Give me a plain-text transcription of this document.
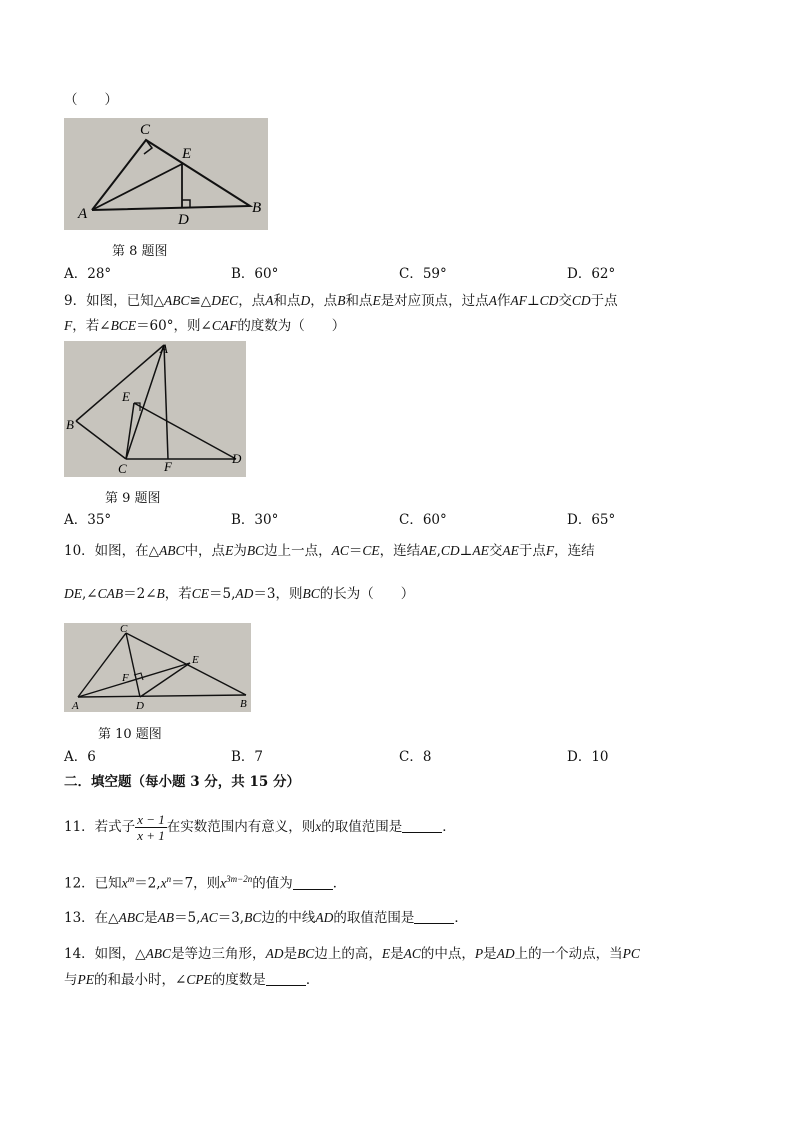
（　　）
C
E
A	D
B
第 8 题图
A．28°	B．60°	C．59°	D．62°
9．如图，已知△ABC≌△DEC，点A和点D，点B和点E是对应顶点，过点A作AF⊥CD交CD于点
F，若∠BCE＝60°，则∠CAF的度数为（　　）
A
E
B
C	F
D
第 9 题图
A．35°	B．30°	C．60°	D．65°
10．如图，在△ABC中，点E为BC边上一点，AC＝CE，连结AE,CD⊥AE交AE于点F，连结
DE,∠CAB＝2∠B，若CE＝5,AD＝3，则BC的长为（　　）
C
E
F
A	D	B
第 10 题图
A．6	B．7	C．8	D．10
二．填空题（每小题 3 分，共 15 分）
11．若式子 $\frac{x - 1}{x + 1}$ 在实数范围内有意义，则x的取值范围是	．
12．已知$x^m=2,x^n=7$，则$x^{3m-2n}$的值为	．
13．在△ABC是AB＝5,AC＝3,BC边的中线AD的取值范围是	．
14．如图，△ABC是等边三角形，AD是BC边上的高，E是AC的中点，P是AD上的一个动点，当PC
与PE的和最小时，∠CPE的度数是	．
